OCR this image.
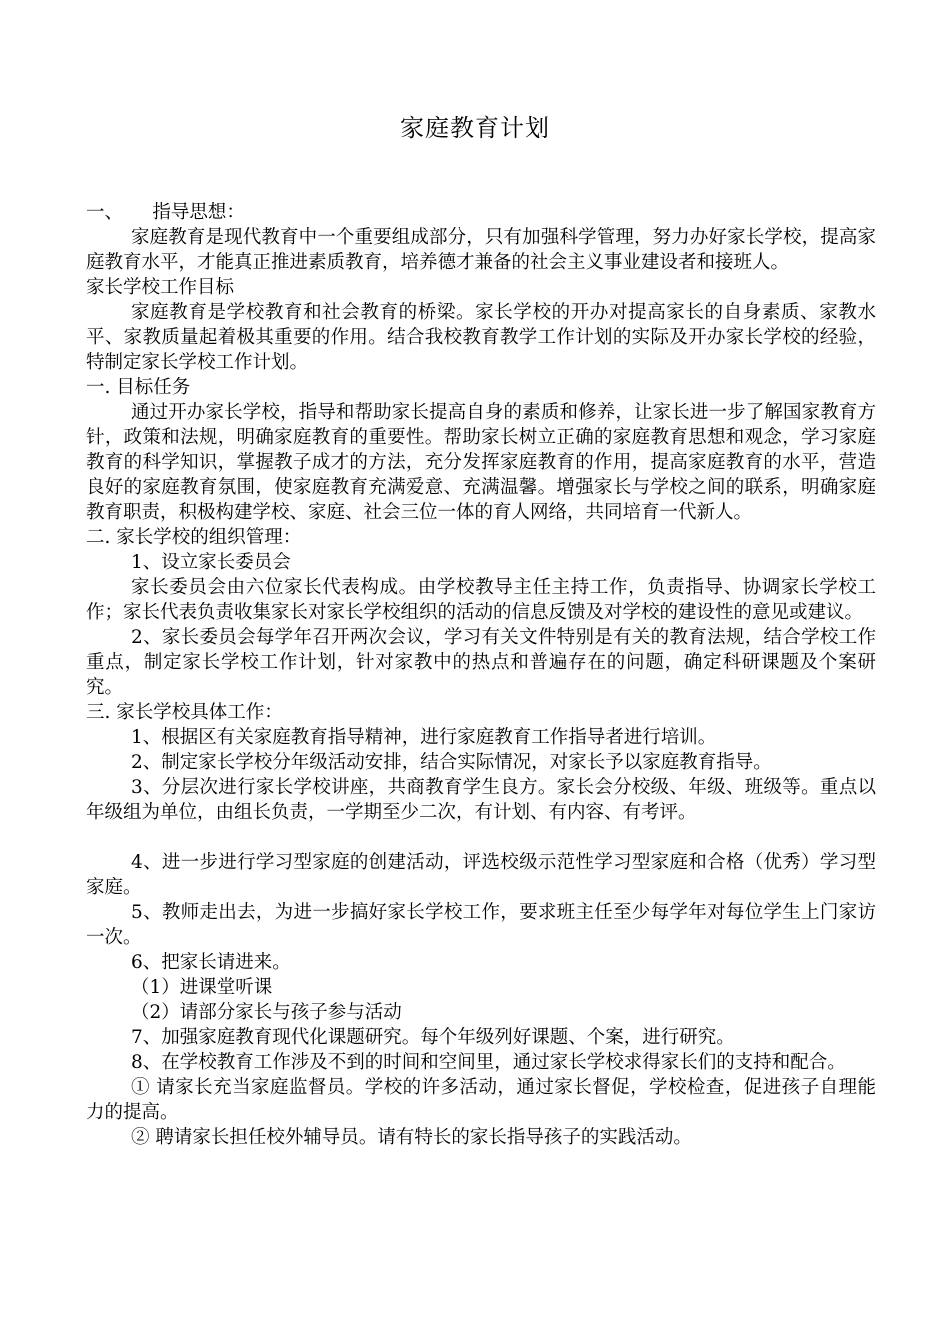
家庭教育计划

一、     指导思想：

家庭教育是现代教育中一个重要组成部分，只有加强科学管理，努力办好家长学校，提高家庭教育水平，才能真正推进素质教育，培养德才兼备的社会主义事业建设者和接班人。

家长学校工作目标

家庭教育是学校教育和社会教育的桥梁。家长学校的开办对提高家长的自身素质、家教水平、家教质量起着极其重要的作用。结合我校教育教学工作计划的实际及开办家长学校的经验，特制定家长学校工作计划。

一. 目标任务

通过开办家长学校，指导和帮助家长提高自身的素质和修养，让家长进一步了解国家教育方针，政策和法规，明确家庭教育的重要性。帮助家长树立正确的家庭教育思想和观念，学习家庭教育的科学知识，掌握教子成才的方法，充分发挥家庭教育的作用，提高家庭教育的水平，营造良好的家庭教育氛围，使家庭教育充满爱意、充满温馨。增强家长与学校之间的联系，明确家庭教育职责，积极构建学校、家庭、社会三位一体的育人网络，共同培育一代新人。

二. 家长学校的组织管理：

1、设立家长委员会

家长委员会由六位家长代表构成。由学校教导主任主持工作，负责指导、协调家长学校工作；家长代表负责收集家长对家长学校组织的活动的信息反馈及对学校的建设性的意见或建议。

2、家长委员会每学年召开两次会议，学习有关文件特别是有关的教育法规，结合学校工作重点，制定家长学校工作计划，针对家教中的热点和普遍存在的问题，确定科研课题及个案研究。

三. 家长学校具体工作：

1、根据区有关家庭教育指导精神，进行家庭教育工作指导者进行培训。

2、制定家长学校分年级活动安排，结合实际情况，对家长予以家庭教育指导。

3、分层次进行家长学校讲座，共商教育学生良方。家长会分校级、年级、班级等。重点以年级组为单位，由组长负责，一学期至少二次，有计划、有内容、有考评。

4、进一步进行学习型家庭的创建活动，评选校级示范性学习型家庭和合格（优秀）学习型家庭。

5、教师走出去，为进一步搞好家长学校工作，要求班主任至少每学年对每位学生上门家访一次。

6、把家长请进来。

（1）进课堂听课

（2）请部分家长与孩子参与活动

7、加强家庭教育现代化课题研究。每个年级列好课题、个案，进行研究。

8、在学校教育工作涉及不到的时间和空间里，通过家长学校求得家长们的支持和配合。

① 请家长充当家庭监督员。学校的许多活动，通过家长督促，学校检查，促进孩子自理能力的提高。

② 聘请家长担任校外辅导员。请有特长的家长指导孩子的实践活动。
